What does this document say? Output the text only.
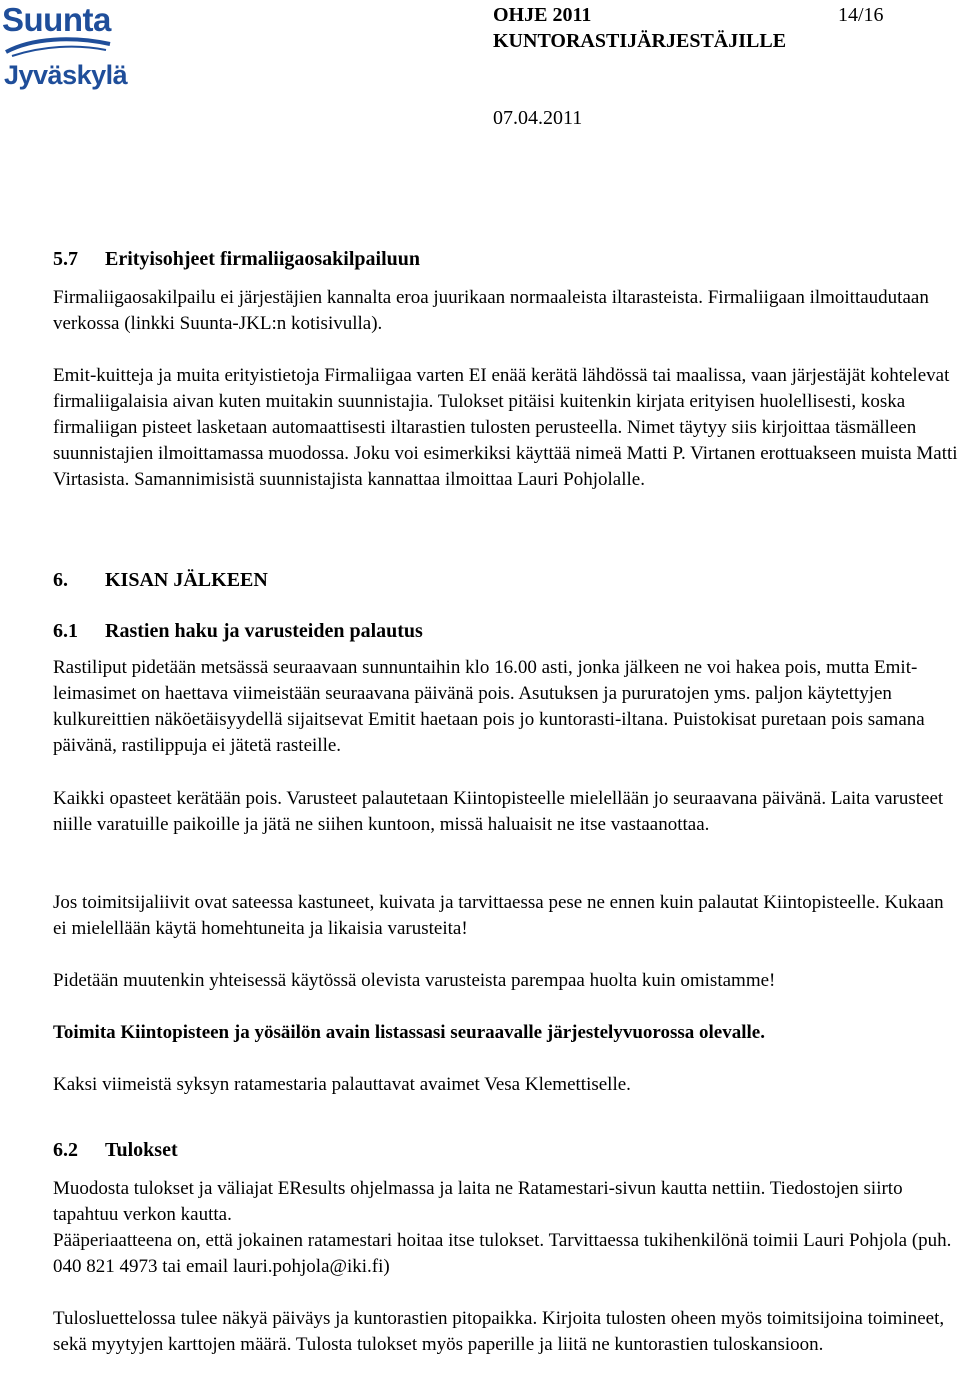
Suunta
Jyväskylä
OHJE 2011	14/16
KUNTORASTIJÄRJESTÄJILLE
07.04.2011
5.7 Erityisohjeet firmaliigaosakilpailuun

Firmaliigaosakilpailu ei järjestäjien kannalta eroa juurikaan normaaleista iltarasteista. Firmaliigaan ilmoittaudutaan verkossa (linkki Suunta-JKL:n kotisivulla).

Emit-kuitteja ja muita erityistietoja Firmaliigaa varten EI enää kerätä lähdössä tai maalissa, vaan järjestäjät kohtelevat firmaliigalaisia aivan kuten muitakin suunnistajia. Tulokset pitäisi kuitenkin kirjata erityisen huolellisesti, koska firmaliigan pisteet lasketaan automaattisesti iltarastien tulosten perusteella. Nimet täytyy siis kirjoittaa täsmälleen suunnistajien ilmoittamassa muodossa. Joku voi esimerkiksi käyttää nimeä Matti P. Virtanen erottuakseen muista Matti Virtasista. Samannimisistä suunnistajista kannattaa ilmoittaa Lauri Pohjolalle.

6. KISAN JÄLKEEN
6.1 Rastien haku ja varusteiden palautus

Rastiliput pidetään metsässä seuraavaan sunnuntaihin klo 16.00 asti, jonka jälkeen ne voi hakea pois, mutta Emit-leimasimet on haettava viimeistään seuraavana päivänä pois. Asutuksen ja pururatojen yms. paljon käytettyjen kulkureittien näköetäisyydellä sijaitsevat Emitit haetaan pois jo kuntorasti-iltana. Puistokisat puretaan pois samana päivänä, rastilippuja ei jätetä rasteille.

Kaikki opasteet kerätään pois. Varusteet palautetaan Kiintopisteelle mielellään jo seuraavana päivänä. Laita varusteet niille varatuille paikoille ja jätä ne siihen kuntoon, missä haluaisit ne itse vastaanottaa.

Jos toimitsijaliivit ovat sateessa kastuneet, kuivata ja tarvittaessa pese ne ennen kuin palautat Kiintopisteelle. Kukaan ei mielellään käytä homehtuneita ja likaisia varusteita!

Pidetään muutenkin yhteisessä käytössä olevista varusteista parempaa huolta kuin omistamme!

Toimita Kiintopisteen ja yösäilön avain listassasi seuraavalle järjestelyvuorossa olevalle.

Kaksi viimeistä syksyn ratamestaria palauttavat avaimet Vesa Klemettiselle.

6.2 Tulokset

Muodosta tulokset ja väliajat EResults ohjelmassa ja laita ne Ratamestari-sivun kautta nettiin. Tiedostojen siirto tapahtuu verkon kautta.

Pääperiaatteena on, että jokainen ratamestari hoitaa itse tulokset. Tarvittaessa tukihenkilönä toimii Lauri Pohjola (puh. 040 821 4973 tai email lauri.pohjola@iki.fi)

Tulosluettelossa tulee näkyä päiväys ja kuntorastien pitopaikka. Kirjoita tulosten oheen myös toimitsijoina toimineet, sekä myytyjen karttojen määrä. Tulosta tulokset myös paperille ja liitä ne kuntorastien tuloskansioon.
